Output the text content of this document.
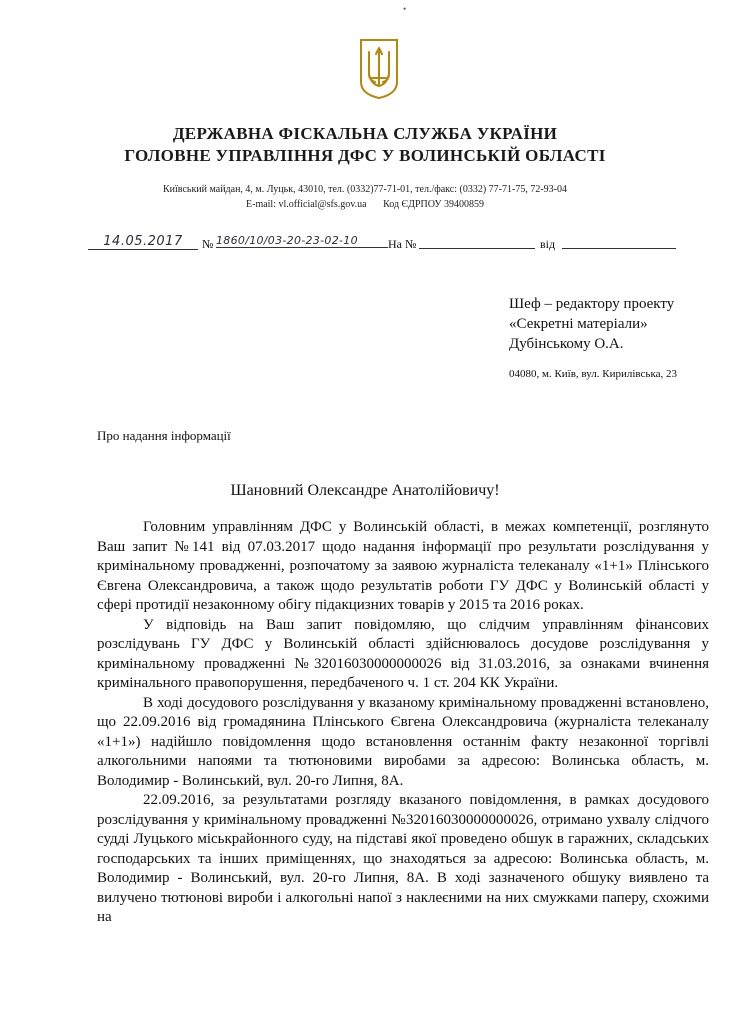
•
ДЕРЖАВНА ФІСКАЛЬНА СЛУЖБА УКРАЇНИ
ГОЛОВНЕ УПРАВЛІННЯ ДФС У ВОЛИНСЬКІЙ ОБЛАСТІ
Київський майдан, 4, м. Луцьк, 43010, тел. (0332)77-71-01, тел./факс: (0332) 77-71-75, 72-93-04
E-mail: vl.official@sfs.gov.ua Код ЄДРПОУ 39400859
14.05.2017	№ 1860/10/03-20-23-02-10	На №	від
Шеф – редактору проекту
«Секретні матеріали»
Дубінському О.А.
04080, м. Київ, вул. Кирилівська, 23
Про надання інформації
Шановний Олександре Анатолійовичу!

Головним управлінням ДФС у Волинській області, в межах компетенції, розглянуто Ваш запит №141 від 07.03.2017 щодо надання інформації про результати розслідування у кримінальному провадженні, розпочатому за заявою журналіста телеканалу «1+1» Плінського Євгена Олександровича, а також щодо результатів роботи ГУ ДФС у Волинській області у сфері протидії незаконному обігу підакцизних товарів у 2015 та 2016 роках.

У відповідь на Ваш запит повідомляю, що слідчим управлінням фінансових розслідувань ГУ ДФС у Волинській області здійснювалось досудове розслідування у кримінальному провадженні №32016030000000026 від 31.03.2016, за ознаками вчинення кримінального правопорушення, передбаченого ч. 1 ст. 204 КК України.

В ході досудового розслідування у вказаному кримінальному провадженні встановлено, що 22.09.2016 від громадянина Плінського Євгена Олександровича (журналіста телеканалу «1+1») надійшло повідомлення щодо встановлення останнім факту незаконної торгівлі алкогольними напоями та тютюновими виробами за адресою: Волинська область, м. Володимир - Волинський, вул. 20-го Липня, 8А.

22.09.2016, за результатами розгляду вказаного повідомлення, в рамках досудового розслідування у кримінальному провадженні №32016030000000026, отримано ухвалу слідчого судді Луцького міськрайонного суду, на підставі якої проведено обшук в гаражних, складських господарських та інших приміщеннях, що знаходяться за адресою: Волинська область, м. Володимир - Волинський, вул. 20-го Липня, 8А. В ході зазначеного обшуку виявлено та вилучено тютюнові вироби і алкогольні напої з наклеєними на них смужками паперу, схожими на
